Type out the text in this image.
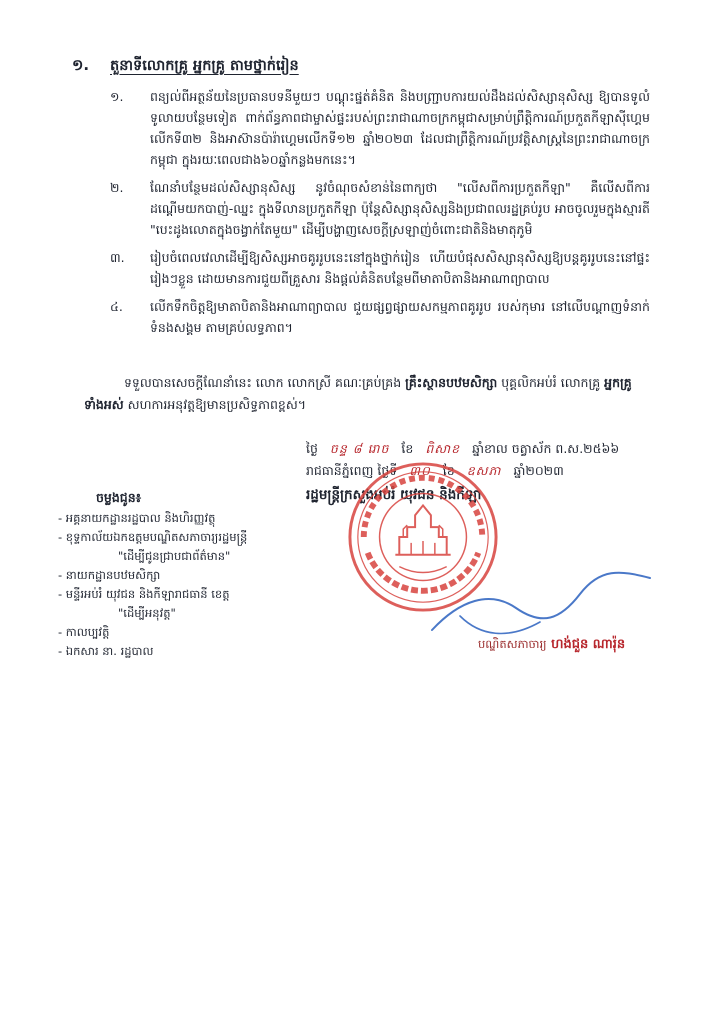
១.	តួនាទីលោកគ្រូ អ្នកគ្រូ តាមថ្នាក់រៀន
១.	ពន្យល់ពីអត្ថន័យនៃប្រធានបទនីមួយៗ បណ្ដុះផ្នត់គំនិត និងបញ្ជ្រាបការយល់ដឹងដល់សិស្សានុសិស្ស ឱ្យបានទូលំទូលាយបន្ថែមទៀត ពាក់ព័ន្ធភាពជាម្ចាស់ផ្ទះរបស់ព្រះរាជាណាចក្រកម្ពុជាសម្រាប់ព្រឹត្តិការណ៍ប្រកួតកីឡាស៊ីហ្គេមលើកទី៣២ និងអាស៊ានប៉ារ៉ាហ្គេមលើកទី១២ ឆ្នាំ២០២៣ ដែលជាព្រឹត្តិការណ៍ប្រវត្តិសាស្ត្រនៃព្រះរាជាណាចក្រកម្ពុជា ក្នុងរយៈពេលជាង៦០ឆ្នាំកន្លងមកនេះ។
២.	ណែនាំបន្ថែមដល់សិស្សានុសិស្ស នូវចំណុចសំខាន់នៃពាក្យថា "លើសពីការប្រកួតកីឡា" គឺលើសពីការដណ្ដើមយកបាញ់-ឈ្នះ ក្នុងទីលានប្រកួតកីឡា ប៉ុន្តែសិស្សានុសិស្សនិងប្រជាពលរដ្ឋគ្រប់រូប អាចចូលរួមក្នុងស្មារតី "បេះដូងលោតក្នុងចង្វាក់តែមួយ" ដើម្បីបង្ហាញសេចក្ដីស្រឡាញ់ចំពោះជាតិនិងមាតុភូមិ
៣.	រៀបចំពេលវេលាដើម្បីឱ្យសិស្សអាចគូររូបនេះនៅក្នុងថ្នាក់រៀន ហើយបំផុសសិស្សានុសិស្សឱ្យបន្តគូររូបនេះនៅផ្ទះរៀងៗខ្លួន ដោយមានការជួយពីគ្រួសារ និងផ្ដល់គំនិតបន្ថែមពីមាតាបិតានិងអាណាព្យាបាល
៤.	លើកទឹកចិត្តឱ្យមាតាបិតានិងអាណាព្យាបាល ជួយផ្សព្វផ្សាយសកម្មភាពគូររូប របស់កុមារ នៅលើបណ្ដាញទំនាក់ទំនងសង្គម តាមគ្រប់លទ្ធភាព។

ទទួលបានសេចក្ដីណែនាំនេះ លោក លោកស្រី គណៈគ្រប់គ្រង គ្រឹះស្ថានបឋមសិក្សា បុគ្គលិកអប់រំ លោកគ្រូ អ្នកគ្រូទាំងអស់ សហការអនុវត្តឱ្យមានប្រសិទ្ធភាពខ្ពស់។

ថ្ងៃ ចន្ទ ៨ រោច ខែ ពិសាខ ឆ្នាំខាល ចត្វាស័ក ព.ស.២៥៦៦
រាជធានីភ្នំពេញ ថ្ងៃទី ៣០ ខែ ឧសភា ឆ្នាំ២០២៣
រដ្ឋមន្ត្រីក្រសួងអប់រំ យុវជន និងកីឡា
បណ្ឌិតសភាចារ្យ ហង់ជួន ណារ៉ុន
ចម្លងជូន៖
- អគ្គនាយកដ្ឋានរដ្ឋបាល និងហិរញ្ញវត្ថុ
- ខុទ្ទកាល័យឯកឧត្តមបណ្ឌិតសភាចារ្យរដ្ឋមន្ត្រី
"ដើម្បីជូនជ្រាបជាព័ត៌មាន"
- នាយកដ្ឋានបឋមសិក្សា
- មន្ទីរអប់រំ យុវជន និងកីឡារាជធានី ខេត្ត
"ដើម្បីអនុវត្ត"
- កាលប្បវត្តិ
- ឯកសារ នា. រដ្ឋបាល
